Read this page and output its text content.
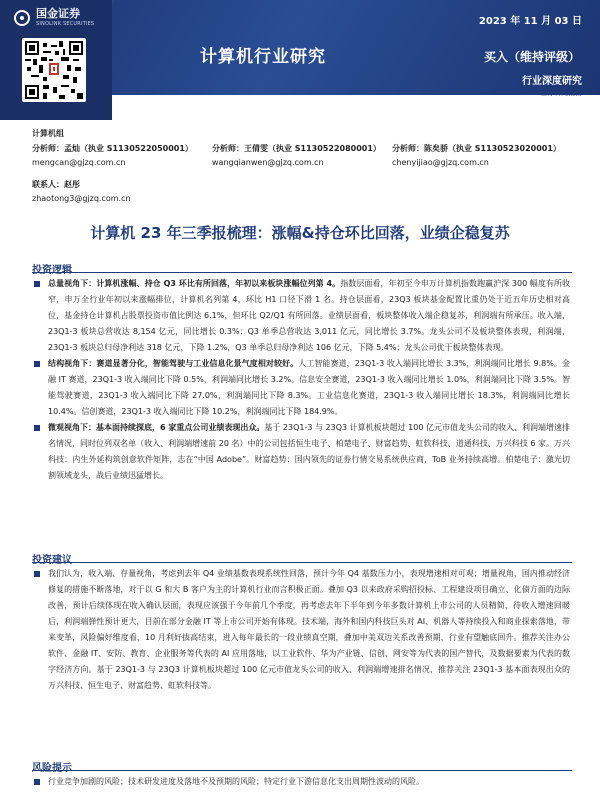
国金证券
SINOLINK SECURITIES	2023 年 11 月 03 日
计算机行业研究	买入（维持评级）
行业深度研究
证券研究报告
计算机组
分析师：孟灿（执业 S1130522050001）
mengcan@gjzq.com.cn
分析师：王倩雯（执业 S1130522080001）
wangqianwen@gjzq.com.cn
分析师：陈矣骄（执业 S1130523020001）
chenyijiao@gjzq.com.cn
联系人：赵彤
zhaotong3@gjzq.com.cn
计算机 23 年三季报梳理：涨幅&持仓环比回落，业绩企稳复苏
投资逻辑
总量视角下：计算机涨幅、持仓 Q3 环比有所回落，年初以来板块涨幅位列第 4。指数层面看，年初至今申万计算机指数跑赢沪深 300 幅度有所收窄，申万全行业年初以来涨幅排位，计算机名列第 4，环比 H1 口径下滑 1 名。持仓层面看，23Q3 板块基金配置比重仍处于近五年历史相对高位，基金持仓计算机占股票投资市值比例达 6.1%，但环比 Q2/Q1 有所回落。业绩层面看，板块整体收入端企稳复苏，利润端有所承压。收入端，23Q1-3 板块总营收达 8,154 亿元，同比增长 0.3%；Q3 单季总营收达 3,011 亿元，同比增长 3.7%。龙头公司不及板块整体表现，利润端，23Q1-3 板块总归母净利达 318 亿元，下降 1.2%，Q3 单季总归母净利达 106 亿元，下降 5.4%；龙头公司优于板块整体表现。
结构视角下：赛道显著分化，智能驾驶与工业信息化景气度相对较好。人工智能赛道，23Q1-3 收入端同比增长 3.3%，利润端同比增长 9.8%。金融 IT 赛道，23Q1-3 收入端同比下降 0.5%，利润端同比增长 3.2%。信息安全赛道，23Q1-3 收入端同比增长 1.0%，利润端同比下降 3.5%。智能驾驶赛道，23Q1-3 收入端同比下降 27.0%，利润端同比下降 8.3%。工业信息化赛道，23Q1-3 收入端同比增长 18.3%，利润端同比增长 10.4%。信创赛道，23Q1-3 收入端同比下降 10.2%，利润端同比下降 184.9%。
微观视角下：基本面持续探底，6 家重点公司业绩表现出众。基于 23Q1-3 与 23Q3 计算机板块超过 100 亿元市值龙头公司的收入、利润端增速排名情况，同时位列双名单（收入、利润端增速前 20 名）中的公司包括恒生电子、柏楚电子、财富趋势、虹软科技、道通科技、万兴科技 6 家。万兴科技：内生外延构筑创意软件矩阵，志在“中国 Adobe”。财富趋势：国内领先的证券行情交易系统供应商，ToB 业务持续高增。柏楚电子：激光切割领域龙头，战后业绩迅猛增长。
投资建议
我们认为，收入端、存量视角，考虑到去年 Q4 业绩基数表现系统性回落，预计今年 Q4 基数压力小，表现增速相对可观；增量视角，国内推动经济修复的措施不断落地，对于以 G 和大 B 客户为主的计算机行业而言积极正面。叠加 Q3 以来政府采购招投标、工程建设项目确立、化债方面的边际改善，预计后续体现在收入确认层面，表现应该强于今年前几个季度，再考虑去年下半年到今年多数计算机上市公司的人员精简，待收入增速回暖后，利润端弹性预计更大，目前在部分金融 IT 等上市公司开始有体现。技术端，海外和国内科技巨头对 AI、机器人等持续投入和商业探索落地，带来变革，风险偏好维度看，10 月利好拔高结束，进入每年最长的一段业绩真空期，叠加中美双边关系改善预期，行业有望触底回升。推荐关注办公软件、金融 IT、安防、教育、企业服务等代表的 AI 应用落地，以工业软件、华为产业链、信创、网安等为代表的国产替代，及数据要素为代表的数字经济方向。基于 23Q1-3 与 23Q3 计算机板块超过 100 亿元市值龙头公司的收入、利润端增速排名情况，推荐关注 23Q1-3 基本面表现出众的万兴科技、恒生电子、财富趋势、虹软科技等。
风险提示
行业竞争加剧的风险；技术研发进度及落地不及预期的风险；特定行业下游信息化支出周期性波动的风险。
